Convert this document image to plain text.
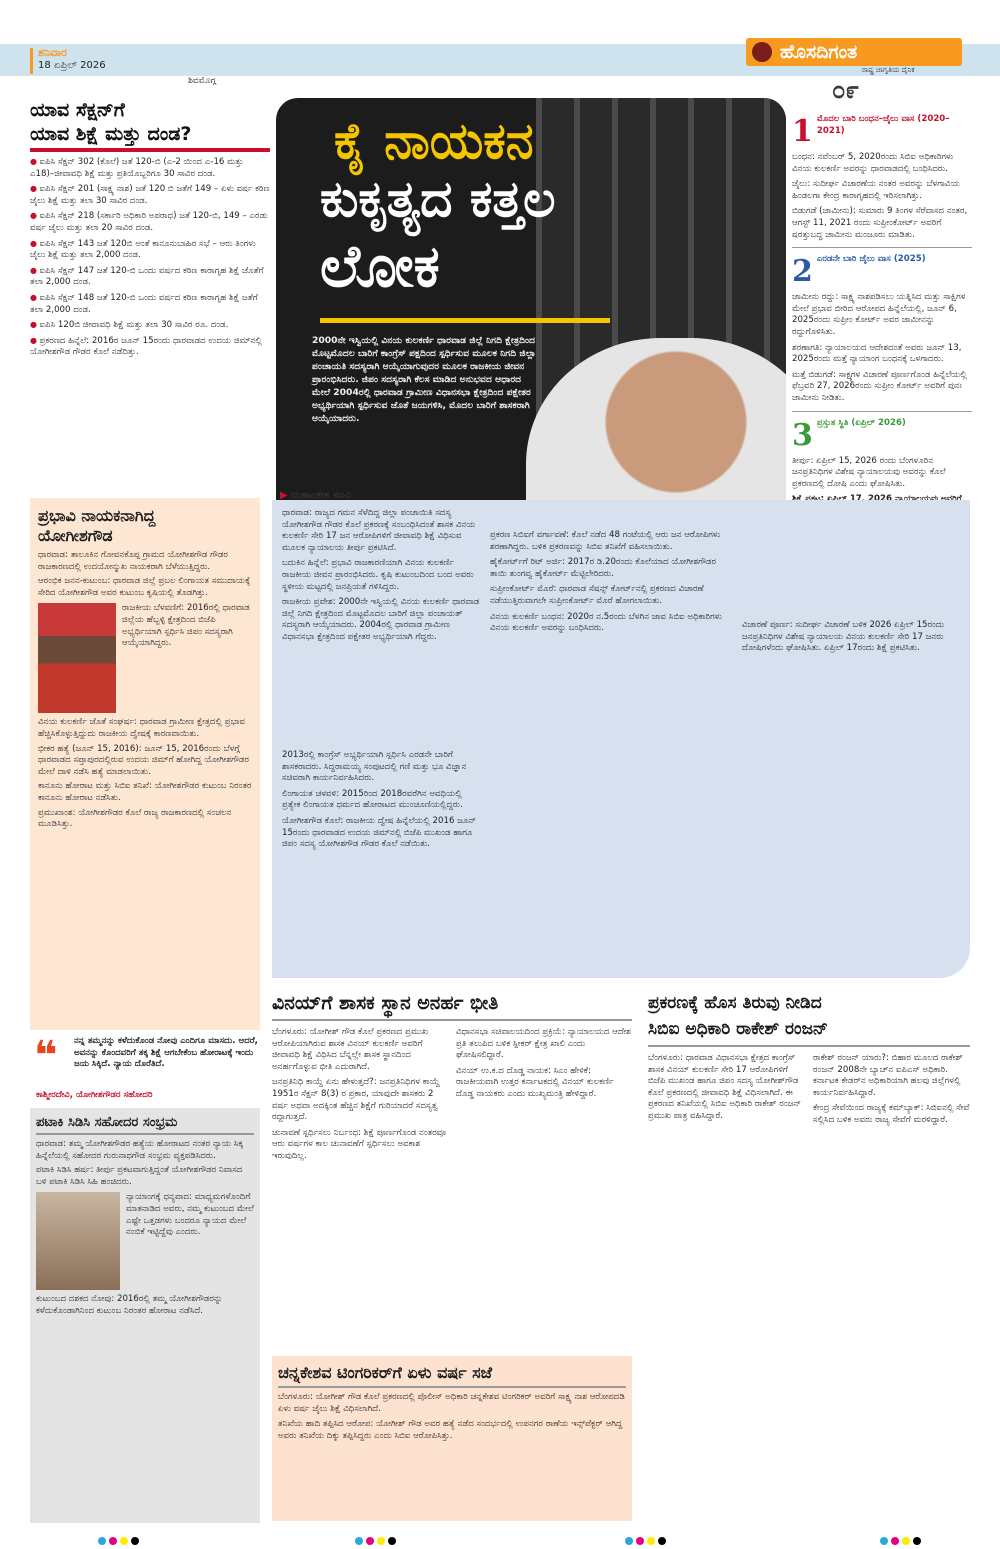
ಶನಿವಾರ
18 ಏಪ್ರಿಲ್ 2026
ಶಿವಮೊಗ್ಗ
ಹೊಸದಿಗಂತ
ರಾಷ್ಟ್ರ ಜಾಗೃತಿಯ ದೈನಿಕ
೦೯
ಯಾವ ಸೆಕ್ಷನ್‌ಗೆ
ಯಾವ ಶಿಕ್ಷೆ ಮತ್ತು ದಂಡ?
● ಐಪಿಸಿ ಸೆಕ್ಷನ್ 302 (ಕೊಲೆ) ಜತೆ 120-ಬಿ (ಎ-2 ಯಿಂದ ಎ-16 ಮತ್ತು ಎ18)–ಜೀವಾವಧಿ ಶಿಕ್ಷೆ ಮತ್ತು ಪ್ರತಿಯೊಬ್ಬರಿಗೂ 30 ಸಾವಿರ ದಂಡ.
● ಐಪಿಸಿ ಸೆಕ್ಷನ್ 201 (ಸಾಕ್ಷ್ಯ ನಾಶ) ಜತೆ 120 ಬಿ ಜತೆಗೆ 149 – ಏಳು ವರ್ಷ ಕಠಿಣ ಜೈಲು ಶಿಕ್ಷೆ ಮತ್ತು ತಲಾ 30 ಸಾವಿರ ದಂಡ.
● ಐಪಿಸಿ ಸೆಕ್ಷನ್ 218 (ಸರ್ಕಾರಿ ಅಧಿಕಾರಿ ಅಪರಾಧ) ಜತೆ 120-ಬಿ, 149 – ಎರಡು ವರ್ಷ ಜೈಲು ಮತ್ತು ತಲಾ 20 ಸಾವಿರ ದಂಡ.
● ಐಪಿಸಿ ಸೆಕ್ಷನ್ 143 ಜತೆ 120ಬಿ ಅಂತೆ ಕಾನೂನುಬಾಹಿರ ಸಭೆ – ಆರು ತಿಂಗಳು ಜೈಲು ಶಿಕ್ಷೆ ಮತ್ತು ತಲಾ 2,000 ದಂಡ.
● ಐಪಿಸಿ ಸೆಕ್ಷನ್ 147 ಜತೆ 120-ಬಿ ಒಂದು ವರ್ಷದ ಕಠಿಣ ಕಾರಾಗೃಹ ಶಿಕ್ಷೆ ಜೊತೆಗೆ ತಲಾ 2,000 ದಂಡ.
● ಐಪಿಸಿ ಸೆಕ್ಷನ್ 148 ಜತೆ 120-ಬಿ ಒಂದು ವರ್ಷದ ಕಠಿಣ ಕಾರಾಗೃಹ ಶಿಕ್ಷೆ ಜತೆಗೆ ತಲಾ 2,000 ದಂಡ.
● ಐಪಿಸಿ 120ಬಿ ಜೀವಾವಧಿ ಶಿಕ್ಷೆ ಮತ್ತು ತಲಾ 30 ಸಾವಿರ ರೂ. ದಂಡ.
● ಪ್ರಕರಣದ ಹಿನ್ನೆಲೆ: 2016ರ ಜೂನ್ 15ರಂದು ಧಾರವಾಡದ ಉದಯ ಜಿಮ್‌ನಲ್ಲಿ ಯೋಗೀಶಗೌಡ ಗೌಡರ ಕೊಲೆ ನಡೆದಿತ್ತು.
ಕೈ ನಾಯಕನ
ಕುಕೃತ್ಯದ ಕತ್ತಲ
ಲೋಕ
2000ನೇ ಇಸ್ವಿಯಲ್ಲಿ ವಿನಯ ಕುಲಕರ್ಣಿ ಧಾರವಾಡ ಜಿಲ್ಲೆ ನಿಗದಿ ಕ್ಷೇತ್ರದಿಂದ ಮೊಟ್ಟಮೊದಲ ಬಾರಿಗೆ ಕಾಂಗ್ರೆಸ್ ಪಕ್ಷದಿಂದ ಸ್ಪರ್ಧಿಸುವ ಮೂಲಕ ನಿಗದಿ ಜಿಲ್ಲಾ ಪಂಚಾಯತಿ ಸದಸ್ಯರಾಗಿ ಆಯ್ಕೆಯಾಗುವುದರ ಮೂಲಕ ರಾಜಕೀಯ ಜೀವನ ಪ್ರಾರಂಭಿಸಿದರು. ಜಿಪಂ ಸದಸ್ಯರಾಗಿ ಕೆಲಸ ಮಾಡಿದ ಅನುಭವದ ಆಧಾರದ ಮೇಲೆ 2004ರಲ್ಲಿ ಧಾರವಾಡ ಗ್ರಾಮೀಣ ವಿಧಾನಸಭಾ ಕ್ಷೇತ್ರದಿಂದ ಪಕ್ಷೇತರ ಅಭ್ಯರ್ಥಿಯಾಗಿ ಸ್ಪರ್ಧಿಸುವ ಜೊತೆ ಜಯಗಳಿಸಿ, ಮೊದಲ ಬಾರಿಗೆ ಶಾಸಕರಾಗಿ ಆಯ್ಕೆಯಾದರು.
1 ಮೊದಲ ಬಾರಿ ಬಂಧನ–ಜೈಲು ವಾಸ (2020–2021)
ಬಂಧನ: ನವೆಂಬರ್ 5, 2020ರಂದು ಸಿಬಿಐ ಅಧಿಕಾರಿಗಳು ವಿನಯ ಕುಲಕರ್ಣಿ ಅವರನ್ನು ಧಾರವಾಡದಲ್ಲಿ ಬಂಧಿಸಿದರು.
ಜೈಲು: ಸುದೀರ್ಘ ವಿಚಾರಣೆಯ ನಂತರ ಅವರನ್ನು ಬೆಳಗಾವಿಯ ಹಿಂಡಲಗಾ ಕೇಂದ್ರ ಕಾರಾಗೃಹದಲ್ಲಿ ಇರಿಸಲಾಗಿತ್ತು.
ಬಿಡುಗಡೆ (ಜಾಮೀನು): ಸುಮಾರು 9 ತಿಂಗಳ ಸೆರೆವಾಸದ ನಂತರ, ಆಗಸ್ಟ್ 11, 2021 ರಂದು ಸುಪ್ರೀಂಕೋರ್ಟ್ ಅವರಿಗೆ ಷರತ್ತುಬದ್ಧ ಜಾಮೀನು ಮಂಜೂರು ಮಾಡಿತು.
2 ಎರಡನೇ ಬಾರಿ ಜೈಲು ವಾಸ (2025)
ಜಾಮೀನು ರದ್ದು: ಸಾಕ್ಷ್ಯ ನಾಶಪಡಿಸಲು ಯತ್ನಿಸಿದ ಮತ್ತು ಸಾಕ್ಷಿಗಳ ಮೇಲೆ ಪ್ರಭಾವ ಬೀರಿದ ಆರೋಪದ ಹಿನ್ನೆಲೆಯಲ್ಲಿ, ಜೂನ್ 6, 2025ರಂದು ಸುಪ್ರೀಂ ಕೋರ್ಟ್ ಅವರ ಜಾಮೀನನ್ನು ರದ್ದುಗೊಳಿಸಿತು.
ಶರಣಾಗತಿ: ನ್ಯಾಯಾಲಯದ ಆದೇಶದಂತೆ ಅವರು ಜೂನ್ 13, 2025ರಂದು ಮತ್ತೆ ನ್ಯಾಯಾಂಗ ಬಂಧನಕ್ಕೆ ಒಳಗಾದರು.
ಮತ್ತೆ ಬಿಡುಗಡೆ: ಸಾಕ್ಷ್ಯಗಳ ವಿಚಾರಣೆ ಪೂರ್ಣಗೊಂಡ ಹಿನ್ನೆಲೆಯಲ್ಲಿ ಫೆಬ್ರವರಿ 27, 2026ರಂದು ಸುಪ್ರೀಂ ಕೋರ್ಟ್ ಅವರಿಗೆ ಪುನಃ ಜಾಮೀನು ನೀಡಿತು.
3 ಪ್ರಸ್ತುತ ಸ್ಥಿತಿ (ಏಪ್ರಿಲ್ 2026)
ತೀರ್ಪು: ಏಪ್ರಿಲ್ 15, 2026 ರಂದು ಬೆಂಗಳೂರಿನ ಜನಪ್ರತಿನಿಧಿಗಳ ವಿಶೇಷ ನ್ಯಾಯಾಲಯವು ಅವರನ್ನು ಕೊಲೆ ಪ್ರಕರಣದಲ್ಲಿ ದೋಷಿ ಎಂದು ಘೋಷಿಸಿತು.
ಪ್ರಭಾವಿ ನಾಯಕನಾಗಿದ್ದ
ಯೋಗೀಶಗೌಡ
ಧಾರವಾಡ: ತಾಲೂಕಿನ ಗೋವನಕೊಪ್ಪ ಗ್ರಾಮದ ಯೋಗೀಶಗೌಡ ಗೌಡರ ರಾಜಕಾರಣದಲ್ಲಿ ಉದಯೋನ್ಮುಖ ನಾಯಕರಾಗಿ ಬೆಳೆಯುತ್ತಿದ್ದರು.
ಆರಂಭಿಕ ಜನನ-ಕುಟುಂಬ: ಧಾರವಾಡ ಜಿಲ್ಲೆ ಪ್ರಬಲ ಲಿಂಗಾಯತ ಸಮುದಾಯಕ್ಕೆ ಸೇರಿದ ಯೋಗೀಶಗೌಡ ಅವರ ಕುಟುಂಬ ಕೃಷಿಯಲ್ಲಿ ತೊಡಗಿತ್ತು.
ರಾಜಕೀಯ ಬೆಳವಣಿಗೆ: 2016ರಲ್ಲಿ ಧಾರವಾಡ ಜಿಲ್ಲೆಯ ಹೆಬ್ಬಳ್ಳಿ ಕ್ಷೇತ್ರದಿಂದ ಬಿಜೆಪಿ ಅಭ್ಯರ್ಥಿಯಾಗಿ ಸ್ಪರ್ಧಿಸಿ ಜಿಪಂ ಸದಸ್ಯರಾಗಿ ಆಯ್ಕೆಯಾಗಿದ್ದರು.
ವಿನಯ ಕುಲಕರ್ಣಿ ಜೊತೆ ಸಂಘರ್ಷ: ಧಾರವಾಡ ಗ್ರಾಮೀಣ ಕ್ಷೇತ್ರದಲ್ಲಿ ಪ್ರಭಾವ ಹೆಚ್ಚಿಸಿಕೊಳ್ಳುತ್ತಿದ್ದುದು ರಾಜಕೀಯ ದ್ವೇಷಕ್ಕೆ ಕಾರಣವಾಯಿತು.
ಭೀಕರ ಹತ್ಯೆ (ಜೂನ್ 15, 2016): ಜೂನ್ 15, 2016ರಂದು ಬೆಳಗ್ಗೆ ಧಾರವಾಡದ ಸಪ್ತಾಪುರದಲ್ಲಿರುವ ಉದಯ ಜಿಮ್‌ಗೆ ಹೋಗಿದ್ದ ಯೋಗೀಶಗೌಡರ ಮೇಲೆ ದಾಳಿ ನಡೆಸಿ ಹತ್ಯೆ ಮಾಡಲಾಯಿತು.
ಕಾನೂನು ಹೋರಾಟ ಮತ್ತು ಸಿಬಿಐ ತನಿಖೆ: ಯೋಗೀಶಗೌಡರ ಕುಟುಂಬ ನಿರಂತರ ಕಾನೂನು ಹೋರಾಟ ನಡೆಸಿತು.
ಪ್ರಮುಖಾಂಶ: ಯೋಗೀಶಗೌಡರ ಕೊಲೆ ರಾಜ್ಯ ರಾಜಕಾರಣದಲ್ಲಿ ಸಂಚಲನ ಮೂಡಿಸಿತ್ತು.
❝ ನನ್ನ ತಮ್ಮನನ್ನು ಕಳೆದುಕೊಂಡ ನೋವು ಎಂದಿಗೂ ಮಾಸದು. ಆದರೆ, ಅವನನ್ನು ಕೊಂದವರಿಗೆ ತಕ್ಕ ಶಿಕ್ಷೆ ಆಗಬೇಕೆಂಬ ಹೋರಾಟಕ್ಕೆ ಇಂದು ಜಯ ಸಿಕ್ಕಿದೆ. ನ್ಯಾಯ ದೊರೆತಿದೆ.
ಕಾಶ್ಮೀರದೇವಿ, ಯೋಗೀಶಗೌಡರ ಸಹೋದರಿ
ಪಟಾಕಿ ಸಿಡಿಸಿ ಸಹೋದರ ಸಂಭ್ರಮ
ಧಾರವಾಡ: ತಮ್ಮ ಯೋಗೀಶಗೌಡರ ಹತ್ಯೆಯ ಹೋರಾಟದ ನಂತರ ನ್ಯಾಯ ಸಿಕ್ಕ ಹಿನ್ನೆಲೆಯಲ್ಲಿ ಸಹೋದರ ಗುರುನಾಥಗೌಡ ಸಂಭ್ರಮ ವ್ಯಕ್ತಪಡಿಸಿದರು.
ಪಟಾಕಿ ಸಿಡಿಸಿ ಹರ್ಷ: ತೀರ್ಪು ಪ್ರಕಟವಾಗುತ್ತಿದ್ದಂತೆ ಯೋಗೀಶಗೌಡರ ನಿವಾಸದ ಬಳಿ ಪಟಾಕಿ ಸಿಡಿಸಿ ಸಿಹಿ ಹಂಚಿದರು.
ನ್ಯಾಯಾಂಗಕ್ಕೆ ಧನ್ಯವಾದ: ಮಾಧ್ಯಮಗಳೊಂದಿಗೆ ಮಾತನಾಡಿದ ಅವರು, ನಮ್ಮ ಕುಟುಂಬದ ಮೇಲೆ ಎಷ್ಟೇ ಒತ್ತಡಗಳು ಬಂದರೂ ನ್ಯಾಯದ ಮೇಲೆ ನಂಬಿಕೆ ಇಟ್ಟಿದ್ದೆವು ಎಂದರು.
ಕುಟುಂಬದ ದಶಕದ ನೋವು: 2016ರಲ್ಲಿ ತಮ್ಮ ಯೋಗೀಶಗೌಡರನ್ನು ಕಳೆದುಕೊಂಡಾಗಿನಿಂದ ಕುಟುಂಬ ನಿರಂತರ ಹೋರಾಟ ನಡೆಸಿದೆ.
▶ ಮಹಾಂತೇಶ ಕಣವಿ
ಧಾರವಾಡ: ರಾಜ್ಯದ ಗಮನ ಸೆಳೆದಿದ್ದ ಜಿಲ್ಲಾ ಪಂಚಾಯಿತಿ ಸದಸ್ಯ ಯೋಗೀಶಗೌಡ ಗೌಡರ ಕೊಲೆ ಪ್ರಕರಣಕ್ಕೆ ಸಂಬಂಧಿಸಿದಂತೆ ಶಾಸಕ ವಿನಯ ಕುಲಕರ್ಣಿ ಸೇರಿ 17 ಜನ ಆರೋಪಿಗಳಿಗೆ ಜೀವಾವಧಿ ಶಿಕ್ಷೆ ವಿಧಿಸುವ ಮೂಲಕ ನ್ಯಾಯಾಲಯ ತೀರ್ಪು ಪ್ರಕಟಿಸಿದೆ.
ಬದುಕಿನ ಹಿನ್ನೆಲೆ: ಪ್ರಭಾವಿ ರಾಜಕಾರಣಿಯಾಗಿ ವಿನಯ ಕುಲಕರ್ಣಿ ರಾಜಕೀಯ ಜೀವನ ಪ್ರಾರಂಭಿಸಿದರು. ಕೃಷಿ ಕುಟುಂಬದಿಂದ ಬಂದ ಅವರು ಸ್ಥಳೀಯ ಮಟ್ಟದಲ್ಲಿ ಜನಪ್ರಿಯತೆ ಗಳಿಸಿದ್ದರು.
ರಾಜಕೀಯ ಪ್ರವೇಶ: 2000ನೇ ಇಸ್ವಿಯಲ್ಲಿ ವಿನಯ ಕುಲಕರ್ಣಿ ಧಾರವಾಡ ಜಿಲ್ಲೆ ನಿಗದಿ ಕ್ಷೇತ್ರದಿಂದ ಮೊಟ್ಟಮೊದಲ ಬಾರಿಗೆ ಜಿಲ್ಲಾ ಪಂಚಾಯತ್ ಸದಸ್ಯರಾಗಿ ಆಯ್ಕೆಯಾದರು. 2004ರಲ್ಲಿ ಧಾರವಾಡ ಗ್ರಾಮೀಣ ವಿಧಾನಸಭಾ ಕ್ಷೇತ್ರದಿಂದ ಪಕ್ಷೇತರ ಅಭ್ಯರ್ಥಿಯಾಗಿ ಗೆದ್ದರು.
2013ರಲ್ಲಿ ಕಾಂಗ್ರೆಸ್ ಅಭ್ಯರ್ಥಿಯಾಗಿ ಸ್ಪರ್ಧಿಸಿ ಎರಡನೇ ಬಾರಿಗೆ ಶಾಸಕರಾದರು. ಸಿದ್ದರಾಮಯ್ಯ ಸಂಪುಟದಲ್ಲಿ ಗಣಿ ಮತ್ತು ಭೂ ವಿಜ್ಞಾನ ಸಚಿವರಾಗಿ ಕಾರ್ಯನಿರ್ವಹಿಸಿದರು.
ಲಿಂಗಾಯತ ಚಳವಳಿ: 2015ರಿಂದ 2018ರವರೆಗಿನ ಅವಧಿಯಲ್ಲಿ ಪ್ರತ್ಯೇಕ ಲಿಂಗಾಯತ ಧರ್ಮದ ಹೋರಾಟದ ಮುಂಚೂಣಿಯಲ್ಲಿದ್ದರು.
ಯೋಗೀಶಗೌಡ ಕೊಲೆ: ರಾಜಕೀಯ ದ್ವೇಷ ಹಿನ್ನೆಲೆಯಲ್ಲಿ 2016 ಜೂನ್ 15ರಂದು ಧಾರವಾಡದ ಉದಯ ಜಿಮ್‌ನಲ್ಲಿ ಬಿಜೆಪಿ ಮುಖಂಡ ಹಾಗೂ ಜಿಪಂ ಸದಸ್ಯ ಯೋಗೀಶಗೌಡ ಗೌಡರ ಕೊಲೆ ನಡೆಯಿತು.
ಪ್ರಕರಣ ಸಿಬಿಐಗೆ ವರ್ಗಾವಣೆ: ಕೊಲೆ ನಡೆದ 48 ಗಂಟೆಯಲ್ಲಿ ಆರು ಜನ ಆರೋಪಿಗಳು ಶರಣಾಗಿದ್ದರು. ಬಳಿಕ ಪ್ರಕರಣವನ್ನು ಸಿಬಿಐ ತನಿಖೆಗೆ ವಹಿಸಲಾಯಿತು.
ಹೈಕೋರ್ಟ್‌ಗೆ ರಿಟ್ ಅರ್ಜಿ: 2017ರ ಡಿ.20ರಂದು ಕೊಲೆಯಾದ ಯೋಗೀಶಗೌಡರ ತಾಯಿ ತುಂಗವ್ವ ಹೈಕೋರ್ಟ್ ಮೆಟ್ಟಿಲೇರಿದರು.
ಸುಪ್ರೀಂಕೋರ್ಟ್ ಮೊರೆ: ಧಾರವಾಡ ಸೆಷನ್ಸ್ ಕೋರ್ಟ್‌ನಲ್ಲಿ ಪ್ರಕರಣದ ವಿಚಾರಣೆ ನಡೆಯುತ್ತಿರುವಾಗಲೇ ಸುಪ್ರೀಂಕೋರ್ಟ್ ಮೊರೆ ಹೋಗಲಾಯಿತು.
ವಿನಯ ಕುಲಕರ್ಣಿ ಬಂಧನ: 2020ರ ನ.5ರಂದು ಬೆಳಗಿನ ಜಾವ ಸಿಬಿಐ ಅಧಿಕಾರಿಗಳು ವಿನಯ ಕುಲಕರ್ಣಿ ಅವರನ್ನು ಬಂಧಿಸಿದರು.	ವಿಚಾರಣೆ ಪೂರ್ಣ: ಸುದೀರ್ಘ ವಿಚಾರಣೆ ಬಳಿಕ 2026 ಏಪ್ರಿಲ್ 15ರಂದು ಜನಪ್ರತಿನಿಧಿಗಳ ವಿಶೇಷ ನ್ಯಾಯಾಲಯ ವಿನಯ ಕುಲಕರ್ಣಿ ಸೇರಿ 17 ಜನರು ದೋಷಿಗಳೆಂದು ಘೋಷಿಸಿತು. ಏಪ್ರಿಲ್ 17ರಂದು ಶಿಕ್ಷೆ ಪ್ರಕಟಿಸಿತು.
ವಿನಯ್‌ಗೆ ಶಾಸಕ ಸ್ಥಾನ ಅನರ್ಹ ಭೀತಿ
ಬೆಂಗಳೂರು: ಯೋಗೀಶ್ ಗೌಡ ಕೊಲೆ ಪ್ರಕರಣದ ಪ್ರಮುಖ ಆರೋಪಿಯಾಗಿರುವ ಶಾಸಕ ವಿನಯ್ ಕುಲಕರ್ಣಿ ಅವರಿಗೆ ಜೀವಾವಧಿ ಶಿಕ್ಷೆ ವಿಧಿಸಿದ ಬೆನ್ನಲ್ಲೇ ಶಾಸಕ ಸ್ಥಾನದಿಂದ ಅನರ್ಹಗೊಳ್ಳುವ ಭೀತಿ ಎದುರಾಗಿದೆ.
ಜನಪ್ರತಿನಿಧಿ ಕಾಯ್ದೆ ಏನು ಹೇಳುತ್ತದೆ?: ಜನಪ್ರತಿನಿಧಿಗಳ ಕಾಯ್ದೆ 1951ರ ಸೆಕ್ಷನ್ 8(3) ರ ಪ್ರಕಾರ, ಯಾವುದೇ ಶಾಸಕರು 2 ವರ್ಷ ಅಥವಾ ಅದಕ್ಕಿಂತ ಹೆಚ್ಚಿನ ಶಿಕ್ಷೆಗೆ ಗುರಿಯಾದರೆ ಸದಸ್ಯತ್ವ ರದ್ದಾಗುತ್ತದೆ.
ಚುನಾವಣೆ ಸ್ಪರ್ಧಿಸಲು ನಿರ್ಬಂಧ: ಶಿಕ್ಷೆ ಪೂರ್ಣಗೊಂಡ ನಂತರವೂ ಆರು ವರ್ಷಗಳ ಕಾಲ ಚುನಾವಣೆಗೆ ಸ್ಪರ್ಧಿಸಲು ಅವಕಾಶ ಇರುವುದಿಲ್ಲ.
ವಿಧಾನಸಭಾ ಸಚಿವಾಲಯದಿಂದ ಪ್ರಕ್ರಿಯೆ: ನ್ಯಾಯಾಲಯದ ಆದೇಶ ಪ್ರತಿ ತಲುಪಿದ ಬಳಿಕ ಸ್ಪೀಕರ್ ಕ್ಷೇತ್ರ ಖಾಲಿ ಎಂದು ಘೋಷಿಸಲಿದ್ದಾರೆ.
ವಿನಯ್ ಉ.ಕ.ದ ದೊಡ್ಡ ನಾಯಕ: ಸಿಎಂ ಹೇಳಿಕೆ: ರಾಜಕೀಯವಾಗಿ ಉತ್ತರ ಕರ್ನಾಟಕದಲ್ಲಿ ವಿನಯ್ ಕುಲಕರ್ಣಿ ದೊಡ್ಡ ನಾಯಕರು ಎಂದು ಮುಖ್ಯಮಂತ್ರಿ ಹೇಳಿದ್ದಾರೆ.
ಚನ್ನಕೇಶವ ಟಿಂಗರಿಕರ್‌ಗೆ ಏಳು ವರ್ಷ ಸಜೆ
ಬೆಂಗಳೂರು: ಯೋಗೀಶ್ ಗೌಡ ಕೊಲೆ ಪ್ರಕರಣದಲ್ಲಿ ಪೊಲೀಸ್ ಅಧಿಕಾರಿ ಚನ್ನಕೇಶವ ಟಿಂಗರಿಕರ್ ಅವರಿಗೆ ಸಾಕ್ಷ್ಯ ನಾಶ ಆರೋಪದಡಿ ಏಳು ವರ್ಷ ಜೈಲು ಶಿಕ್ಷೆ ವಿಧಿಸಲಾಗಿದೆ.
ತನಿಖೆಯ ಹಾದಿ ತಪ್ಪಿಸಿದ ಆರೋಪ: ಯೋಗೀಶ್ ಗೌಡ ಅವರ ಹತ್ಯೆ ನಡೆದ ಸಂದರ್ಭದಲ್ಲಿ ಉಪನಗರ ಠಾಣೆಯ ಇನ್ಸ್‌ಪೆಕ್ಟರ್ ಆಗಿದ್ದ ಅವರು ತನಿಖೆಯ ದಿಕ್ಕು ತಪ್ಪಿಸಿದ್ದರು ಎಂದು ಸಿಬಿಐ ಆರೋಪಿಸಿತ್ತು.
ಪ್ರಕರಣಕ್ಕೆ ಹೊಸ ತಿರುವು ನೀಡಿದ
ಸಿಬಿಐ ಅಧಿಕಾರಿ ರಾಕೇಶ್ ರಂಜನ್
ಬೆಂಗಳೂರು: ಧಾರವಾಡ ವಿಧಾನಸಭಾ ಕ್ಷೇತ್ರದ ಕಾಂಗ್ರೆಸ್ ಶಾಸಕ ವಿನಯ್ ಕುಲಕರ್ಣಿ ಸೇರಿ 17 ಆರೋಪಿಗಳಿಗೆ ಬಿಜೆಪಿ ಮುಖಂಡ ಹಾಗೂ ಜಿಪಂ ಸದಸ್ಯ ಯೋಗೀಶ್‌ಗೌಡ ಕೊಲೆ ಪ್ರಕರಣದಲ್ಲಿ ಜೀವಾವಧಿ ಶಿಕ್ಷೆ ವಿಧಿಸಲಾಗಿದೆ. ಈ ಪ್ರಕರಣದ ತನಿಖೆಯಲ್ಲಿ ಸಿಬಿಐ ಅಧಿಕಾರಿ ರಾಕೇಶ್ ರಂಜನ್ ಪ್ರಮುಖ ಪಾತ್ರ ವಹಿಸಿದ್ದಾರೆ.
ರಾಕೇಶ್ ರಂಜನ್ ಯಾರು?: ಬಿಹಾರ ಮೂಲದ ರಾಕೇಶ್ ರಂಜನ್ 2008ನೇ ಬ್ಯಾಚ್‌ನ ಐಪಿಎಸ್ ಅಧಿಕಾರಿ. ಕರ್ನಾಟಕ ಕೇಡರ್‌ನ ಅಧಿಕಾರಿಯಾಗಿ ಹಲವು ಜಿಲ್ಲೆಗಳಲ್ಲಿ ಕಾರ್ಯನಿರ್ವಹಿಸಿದ್ದಾರೆ.
ಕೇಂದ್ರ ಸೇವೆಯಿಂದ ರಾಜ್ಯಕ್ಕೆ ಕಮ್‌ಬ್ಯಾಕ್: ಸಿಬಿಐನಲ್ಲಿ ಸೇವೆ ಸಲ್ಲಿಸಿದ ಬಳಿಕ ಅವರು ರಾಜ್ಯ ಸೇವೆಗೆ ಮರಳಿದ್ದಾರೆ.
